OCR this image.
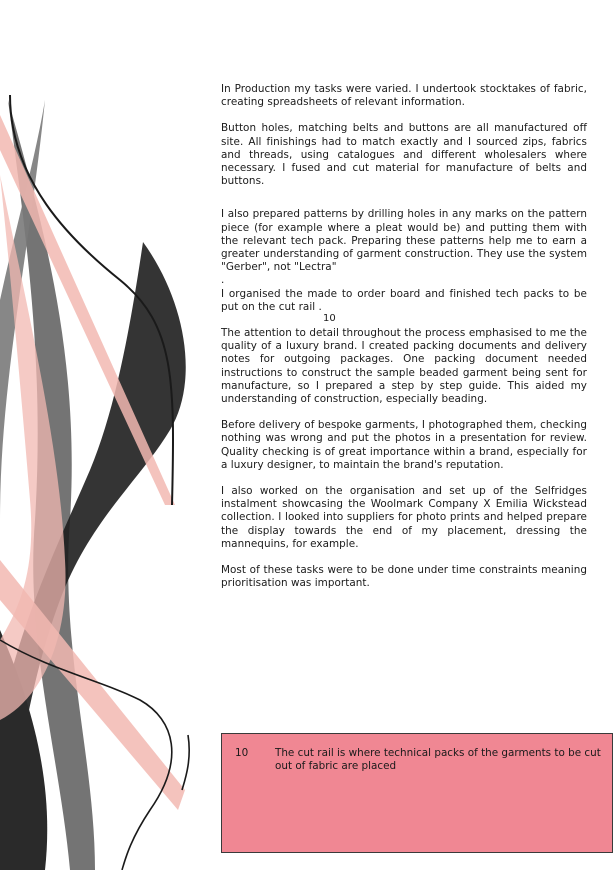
In Production my tasks were varied. I undertook stocktakes of fabric, creating spreadsheets of relevant information.

Button holes, matching belts and buttons are all manufactured off site. All finishings had to match exactly and I sourced zips, fabrics and threads, using catalogues and different wholesalers where necessary. I fused and cut material for manufacture of belts and buttons.

I also prepared patterns by drilling holes in any marks on the pattern piece (for example where a pleat would be) and putting them with the relevant tech pack. Preparing these patterns help me to earn a greater understanding of garment construction. They use the system "Gerber", not "Lectra"

.

I organised the made to order board and finished tech packs to be put on the cut rail .

The attention to detail throughout the process emphasised to me the quality of a luxury brand. I created packing documents and delivery notes for outgoing packages. One packing document needed instructions to construct the sample beaded garment being sent for manufacture, so I prepared a step by step guide. This aided my understanding of construction, especially beading.

Before delivery of bespoke garments, I photographed them, checking nothing was wrong and put the photos in a presentation for review. Quality checking is of great importance within a brand, especially for a luxury designer, to maintain the brand's reputation.

I also worked on the organisation and set up of the Selfridges instalment showcasing the Woolmark Company X Emilia Wickstead collection. I looked into suppliers for photo prints and helped prepare the display towards the end of my placement, dressing the mannequins, for example.

Most of these tasks were to be done under time constraints meaning prioritisation was important.

10
10	The cut rail is where technical packs of the garments to be cut out of fabric are placed
